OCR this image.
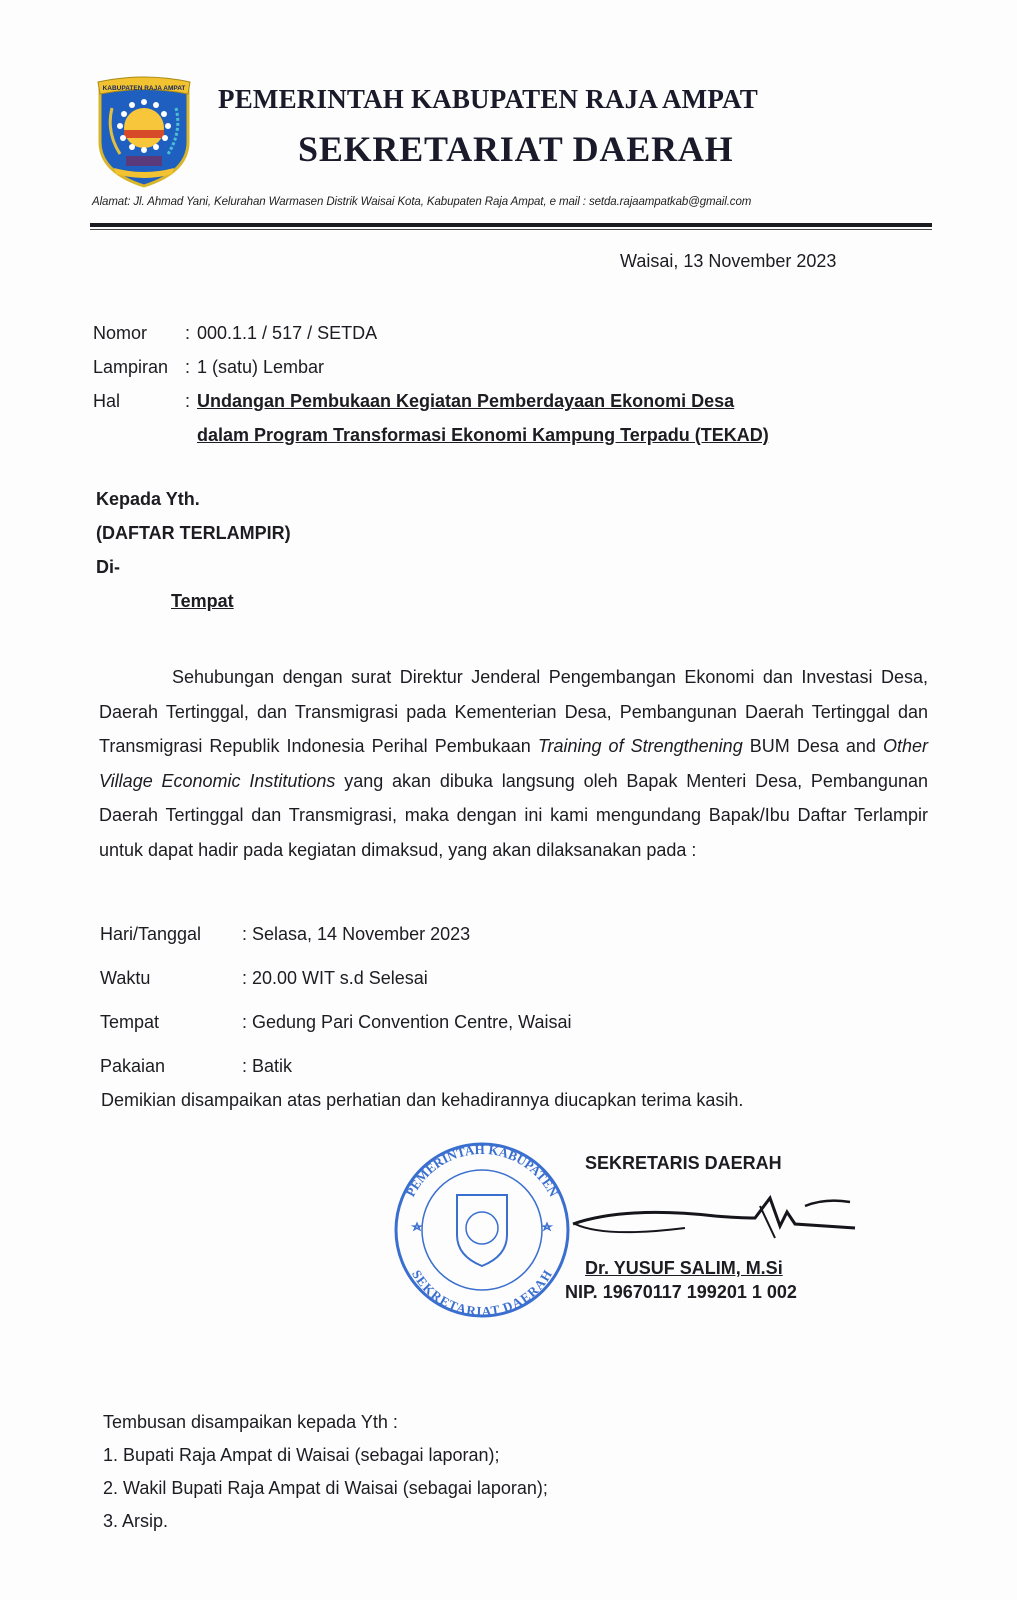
KABUPATEN RAJA AMPAT PEMERINTAH KABUPATEN RAJA AMPAT
SEKRETARIAT DAERAH
Alamat: Jl. Ahmad Yani, Kelurahan Warmasen Distrik Waisai Kota, Kabupaten Raja Ampat, e mail : setda.rajaampatkab@gmail.com
Waisai, 13 November 2023
Nomor	: 000.1.1 / 517 / SETDA
Lampiran : 1 (satu) Lembar
Hal	: Undangan Pembukaan Kegiatan Pemberdayaan Ekonomi Desa
dalam Program Transformasi Ekonomi Kampung Terpadu (TEKAD)
Kepada Yth.
(DAFTAR TERLAMPIR)
Di-
Tempat
Sehubungan dengan surat Direktur Jenderal Pengembangan Ekonomi dan Investasi Desa, Daerah Tertinggal, dan Transmigrasi pada Kementerian Desa, Pembangunan Daerah Tertinggal dan Transmigrasi Republik Indonesia Perihal Pembukaan Training of Strengthening BUM Desa and Other Village Economic Institutions yang akan dibuka langsung oleh Bapak Menteri Desa, Pembangunan Daerah Tertinggal dan Transmigrasi, maka dengan ini kami mengundang Bapak/Ibu Daftar Terlampir untuk dapat hadir pada kegiatan dimaksud, yang akan dilaksanakan pada :
Hari/Tanggal	: Selasa, 14 November 2023
Waktu	: 20.00 WIT s.d Selesai
Tempat	: Gedung Pari Convention Centre, Waisai
Pakaian	: Batik
Demikian disampaikan atas perhatian dan kehadirannya diucapkan terima kasih.
PEMERINTAH KABUPATEN
SEKRETARIAT DAERAH
SEKRETARIS DAERAH
Dr. YUSUF SALIM, M.Si
NIP. 19670117 199201 1 002
Tembusan disampaikan kepada Yth :
1. Bupati Raja Ampat di Waisai (sebagai laporan);
2. Wakil Bupati Raja Ampat di Waisai (sebagai laporan);
3. Arsip.
